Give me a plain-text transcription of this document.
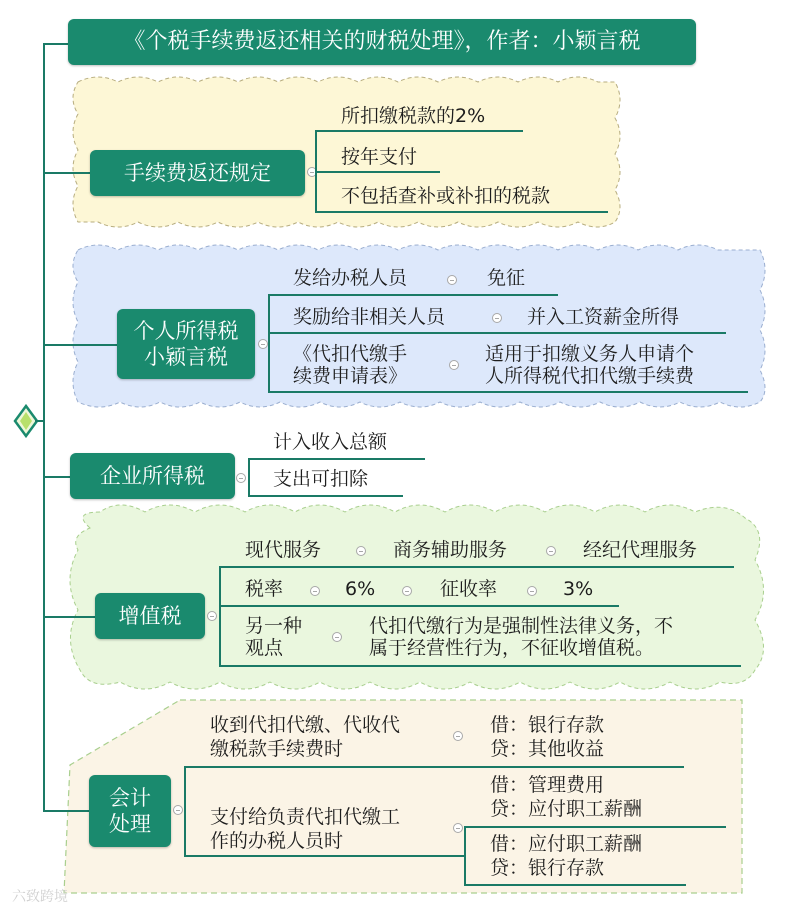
《个税手续费返还相关的财税处理》，作者：小颖言税
手续费返还规定
所扣缴税款的2%
按年支付
不包括查补或补扣的税款
个人所得税
小颖言税
发给办税人员	免征
奖励给非相关人员	并入工资薪金所得
《代扣代缴手
续费申请表》
适用于扣缴义务人申请个
人所得税代扣代缴手续费
企业所得税
计入收入总额
支出可扣除
增值税
现代服务	商务辅助服务	经纪代理服务
税率	6%	征收率	3%
另一种
观点
代扣代缴行为是强制性法律义务，不
属于经营性行为，不征收增值税。
会计
处理
收到代扣代缴、代收代
缴税款手续费时
借：银行存款
贷：其他收益
支付给负责代扣代缴工
作的办税人员时
借：管理费用
贷：应付职工薪酬
借：应付职工薪酬
贷：银行存款
六致跨境
